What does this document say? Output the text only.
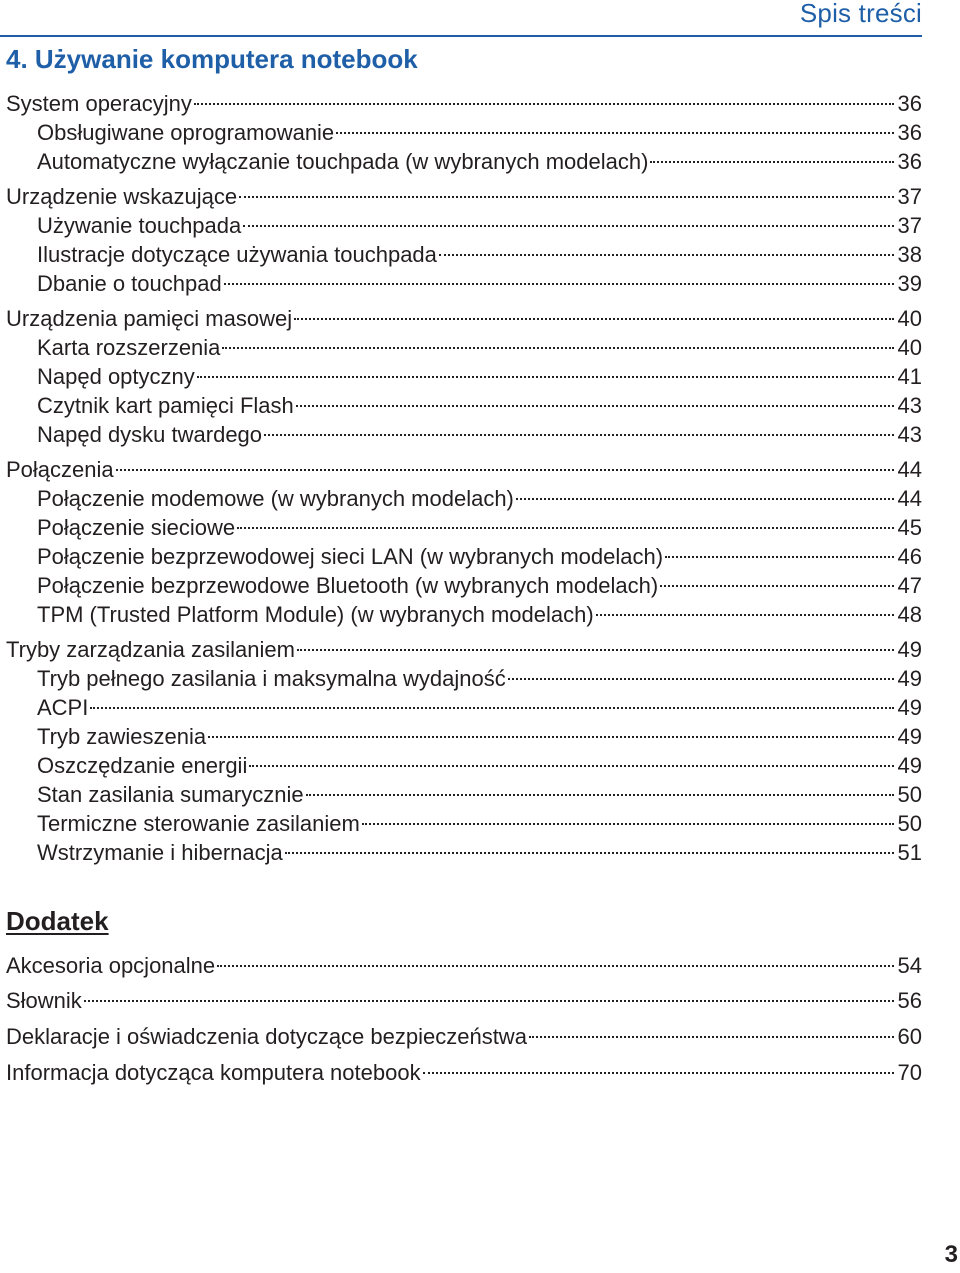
Spis treści
4. Używanie komputera notebook
System operacyjny	36
Obsługiwane oprogramowanie	36
Automatyczne wyłączanie touchpada (w wybranych modelach)	36
Urządzenie wskazujące	37
Używanie touchpada	37
Ilustracje dotyczące używania touchpada	38
Dbanie o touchpad	39
Urządzenia pamięci masowej	40
Karta rozszerzenia	40
Napęd optyczny	41
Czytnik kart pamięci Flash	43
Napęd dysku twardego	43
Połączenia	44
Połączenie modemowe (w wybranych modelach)	44
Połączenie sieciowe	45
Połączenie bezprzewodowej sieci LAN (w wybranych modelach)	46
Połączenie bezprzewodowe Bluetooth (w wybranych modelach)	47
TPM (Trusted Platform Module) (w wybranych modelach)	48
Tryby zarządzania zasilaniem	49
Tryb pełnego zasilania i maksymalna wydajność	49
ACPI	49
Tryb zawieszenia	49
Oszczędzanie energii	49
Stan zasilania sumarycznie	50
Termiczne sterowanie zasilaniem	50
Wstrzymanie i hibernacja	51
Dodatek
Akcesoria opcjonalne	54
Słownik	56
Deklaracje i oświadczenia dotyczące bezpieczeństwa	60
Informacja dotycząca komputera notebook	70
3
